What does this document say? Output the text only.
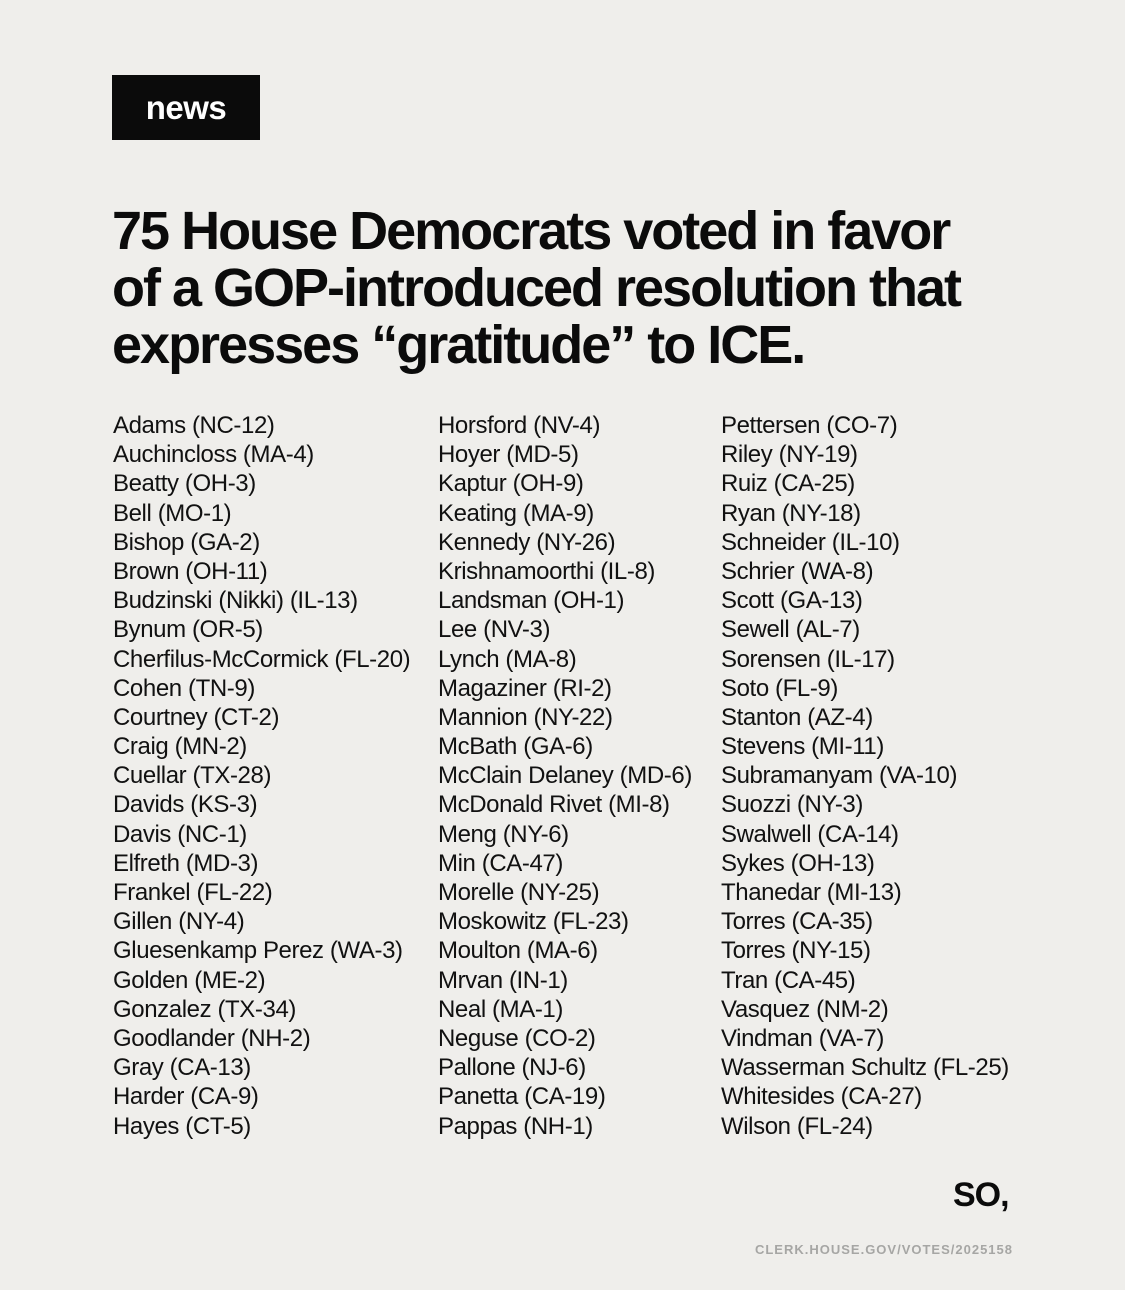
news
75 House Democrats voted in favor
of a GOP-introduced resolution that
expresses “gratitude” to ICE.
Adams (NC-12)
Auchincloss (MA-4)
Beatty (OH-3)
Bell (MO-1)
Bishop (GA-2)
Brown (OH-11)
Budzinski (Nikki) (IL-13)
Bynum (OR-5)
Cherfilus-McCormick (FL-20)
Cohen (TN-9)
Courtney (CT-2)
Craig (MN-2)
Cuellar (TX-28)
Davids (KS-3)
Davis (NC-1)
Elfreth (MD-3)
Frankel (FL-22)
Gillen (NY-4)
Gluesenkamp Perez (WA-3)
Golden (ME-2)
Gonzalez (TX-34)
Goodlander (NH-2)
Gray (CA-13)
Harder (CA-9)
Hayes (CT-5)
Horsford (NV-4)
Hoyer (MD-5)
Kaptur (OH-9)
Keating (MA-9)
Kennedy (NY-26)
Krishnamoorthi (IL-8)
Landsman (OH-1)
Lee (NV-3)
Lynch (MA-8)
Magaziner (RI-2)
Mannion (NY-22)
McBath (GA-6)
McClain Delaney (MD-6)
McDonald Rivet (MI-8)
Meng (NY-6)
Min (CA-47)
Morelle (NY-25)
Moskowitz (FL-23)
Moulton (MA-6)
Mrvan (IN-1)
Neal (MA-1)
Neguse (CO-2)
Pallone (NJ-6)
Panetta (CA-19)
Pappas (NH-1)
Pettersen (CO-7)
Riley (NY-19)
Ruiz (CA-25)
Ryan (NY-18)
Schneider (IL-10)
Schrier (WA-8)
Scott (GA-13)
Sewell (AL-7)
Sorensen (IL-17)
Soto (FL-9)
Stanton (AZ-4)
Stevens (MI-11)
Subramanyam (VA-10)
Suozzi (NY-3)
Swalwell (CA-14)
Sykes (OH-13)
Thanedar (MI-13)
Torres (CA-35)
Torres (NY-15)
Tran (CA-45)
Vasquez (NM-2)
Vindman (VA-7)
Wasserman Schultz (FL-25)
Whitesides (CA-27)
Wilson (FL-24)
SO,
CLERK.HOUSE.GOV/VOTES/2025158
